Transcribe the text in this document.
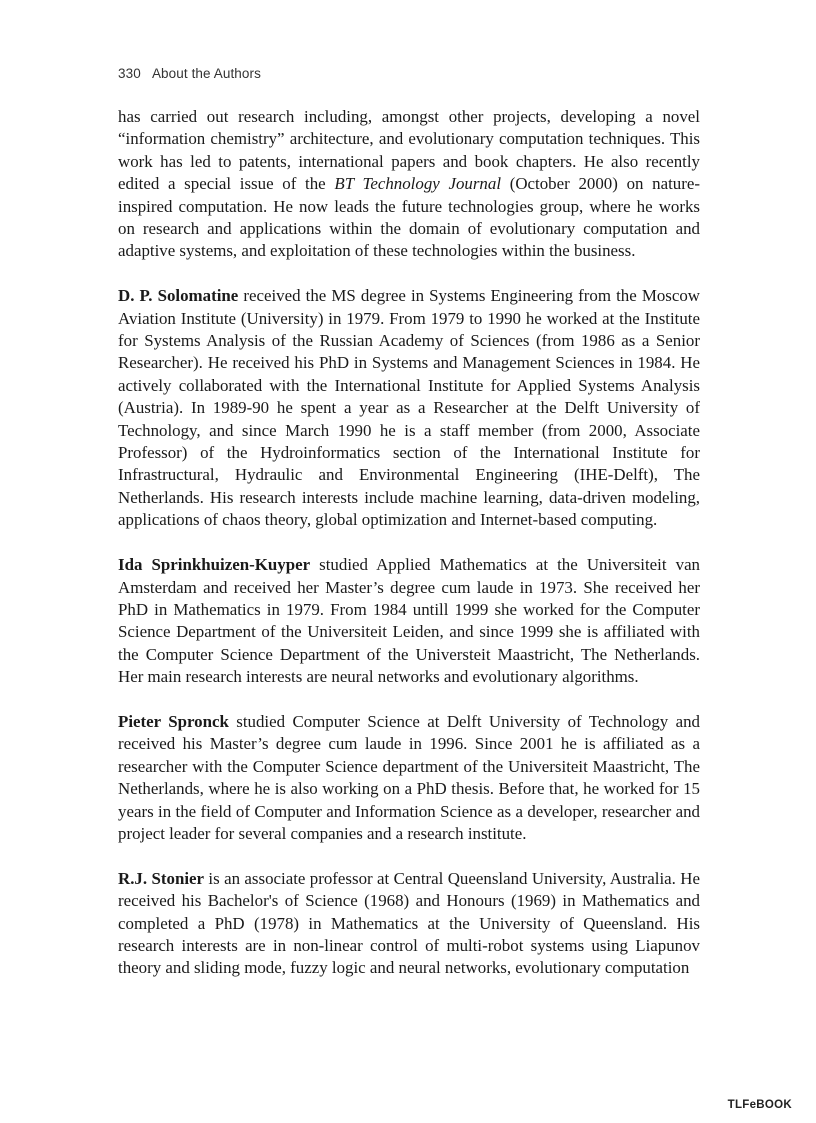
330 About the Authors

has carried out research including, amongst other projects, developing a novel “information chemistry” architecture, and evolutionary computation techniques. This work has led to patents, international papers and book chapters. He also recently edited a special issue of the BT Technology Journal (October 2000) on nature-inspired computation. He now leads the future technologies group, where he works on research and applications within the domain of evolutionary computation and adaptive systems, and exploitation of these technologies within the business.

D. P. Solomatine received the MS degree in Systems Engineering from the Moscow Aviation Institute (University) in 1979. From 1979 to 1990 he worked at the Institute for Systems Analysis of the Russian Academy of Sciences (from 1986 as a Senior Researcher). He received his PhD in Systems and Management Sciences in 1984. He actively collaborated with the International Institute for Applied Systems Analysis (Austria). In 1989-90 he spent a year as a Researcher at the Delft University of Technology, and since March 1990 he is a staff member (from 2000, Associate Professor) of the Hydroinformatics section of the International Institute for Infrastructural, Hydraulic and Environmental Engineering (IHE-Delft), The Netherlands. His research interests include machine learning, data-driven modeling, applications of chaos theory, global optimization and Internet-based computing.

Ida Sprinkhuizen-Kuyper studied Applied Mathematics at the Universiteit van Amsterdam and received her Master’s degree cum laude in 1973. She received her PhD in Mathematics in 1979. From 1984 untill 1999 she worked for the Computer Science Department of the Universiteit Leiden, and since 1999 she is affiliated with the Computer Science Department of the Universteit Maastricht, The Netherlands. Her main research interests are neural networks and evolutionary algorithms.

Pieter Spronck studied Computer Science at Delft University of Technology and received his Master’s degree cum laude in 1996. Since 2001 he is affiliated as a researcher with the Computer Science department of the Universiteit Maastricht, The Netherlands, where he is also working on a PhD thesis. Before that, he worked for 15 years in the field of Computer and Information Science as a developer, researcher and project leader for several companies and a research institute.

R.J. Stonier is an associate professor at Central Queensland University, Australia. He received his Bachelor's of Science (1968) and Honours (1969) in Mathematics and completed a PhD (1978) in Mathematics at the University of Queensland. His research interests are in non-linear control of multi-robot systems using Liapunov theory and sliding mode, fuzzy logic and neural networks, evolutionary computation

TLFeBOOK
